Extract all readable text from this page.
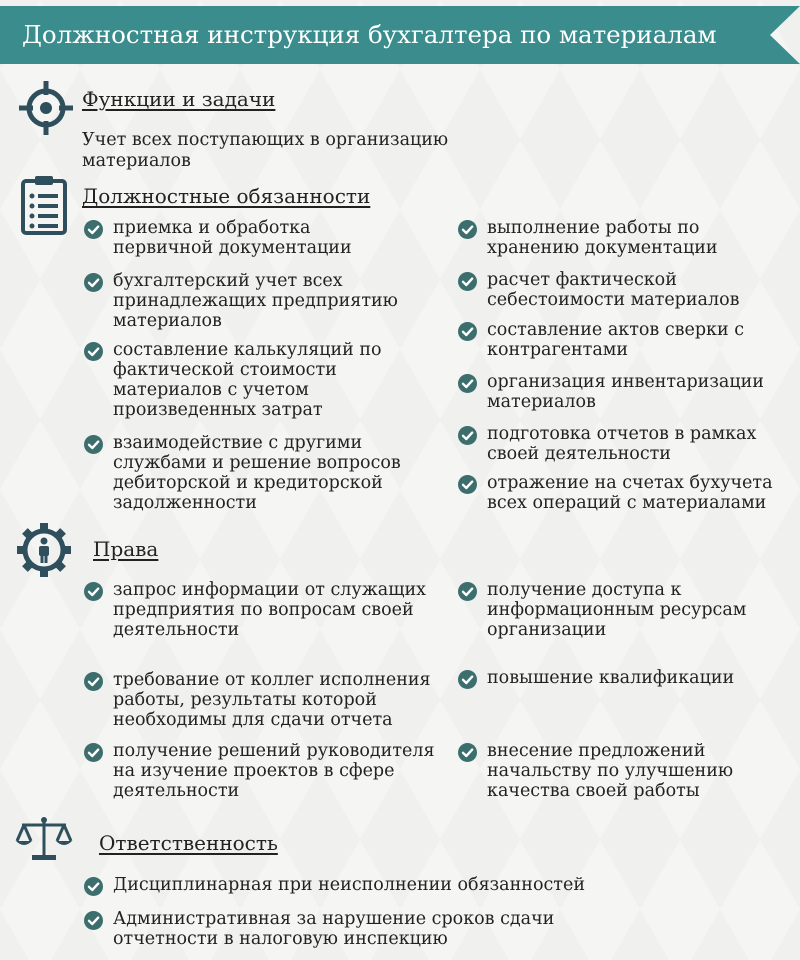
Должностная инструкция бухгалтера по материалам
Функции и задачи
Учет всех поступающих в организацию материалов
Должностные обязанности
приемка и обработка первичной документации
бухгалтерский учет всех принадлежащих предприятию материалов
составление калькуляций по фактической стоимости материалов с учетом произведенных затрат
взаимодействие с другими службами и решение вопросов дебиторской и кредиторской задолженности
выполнение работы по хранению документации
расчет фактической себестоимости материалов
составление актов сверки с контрагентами
организация инвентаризации материалов
подготовка отчетов в рамках своей деятельности
отражение на счетах бухучета всех операций с материалами
Права
запрос информации от служащих предприятия по вопросам своей деятельности
требование от коллег исполнения работы, результаты которой необходимы для сдачи отчета
получение решений руководителя на изучение проектов в сфере деятельности
получение доступа к информационным ресурсам организации
повышение квалификации
внесение предложений начальству по улучшению качества своей работы
Ответственность
Дисциплинарная при неисполнении обязанностей
Административная за нарушение сроков сдачи отчетности в налоговую инспекцию
